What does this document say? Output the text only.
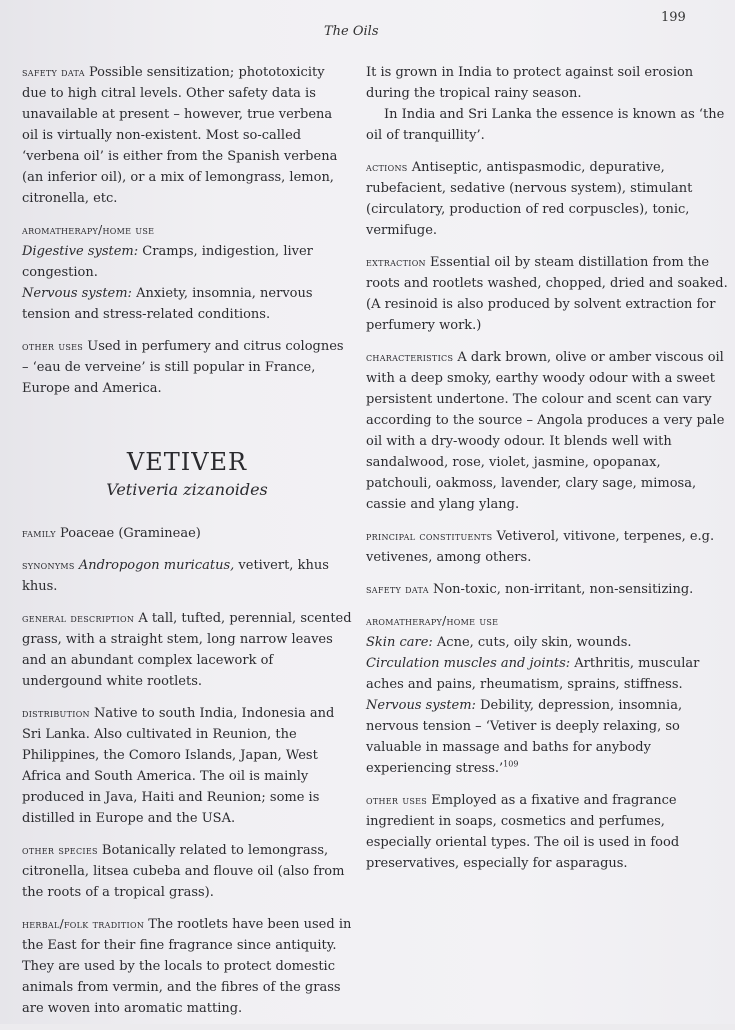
The Oils
199

safety data Possible sensitization; phototoxicity due to high citral levels. Other safety data is unavailable at present – however, true verbena oil is virtually non-existent. Most so-called ‘verbena oil’ is either from the Spanish verbena (an inferior oil), or a mix of lemongrass, lemon, citronella, etc.

aromatherapy/home use

Digestive system: Cramps, indigestion, liver congestion.

Nervous system: Anxiety, insomnia, nervous tension and stress-related conditions.

other uses Used in perfumery and citrus colognes – ‘eau de verveine’ is still popular in France, Europe and America.

VETIVER
Vetiveria zizanoides

family Poaceae (Gramineae)

synonyms Andropogon muricatus, vetivert, khus khus.

general description A tall, tufted, perennial, scented grass, with a straight stem, long narrow leaves and an abundant complex lacework of undergound white rootlets.

distribution Native to south India, Indonesia and Sri Lanka. Also cultivated in Reunion, the Philippines, the Comoro Islands, Japan, West Africa and South America. The oil is mainly produced in Java, Haiti and Reunion; some is distilled in Europe and the USA.

other species Botanically related to lemongrass, citronella, litsea cubeba and flouve oil (also from the roots of a tropical grass).

herbal/folk tradition The rootlets have been used in the East for their fine fragrance since antiquity. They are used by the locals to protect domestic animals from vermin, and the fibres of the grass are woven into aromatic matting.

It is grown in India to protect against soil erosion during the tropical rainy season.

In India and Sri Lanka the essence is known as ‘the oil of tranquillity’.

actions Antiseptic, antispasmodic, depurative, rubefacient, sedative (nervous system), stimulant (circulatory, production of red corpuscles), tonic, vermifuge.

extraction Essential oil by steam distillation from the roots and rootlets washed, chopped, dried and soaked. (A resinoid is also produced by solvent extraction for perfumery work.)

characteristics A dark brown, olive or amber viscous oil with a deep smoky, earthy woody odour with a sweet persistent undertone. The colour and scent can vary according to the source – Angola produces a very pale oil with a dry-woody odour. It blends well with sandalwood, rose, violet, jasmine, opopanax, patchouli, oakmoss, lavender, clary sage, mimosa, cassie and ylang ylang.

principal constituents Vetiverol, vitivone, terpenes, e.g. vetivenes, among others.

safety data Non-toxic, non-irritant, non-sensitizing.

aromatherapy/home use

Skin care: Acne, cuts, oily skin, wounds.

Circulation muscles and joints: Arthritis, muscular aches and pains, rheumatism, sprains, stiffness.

Nervous system: Debility, depression, insomnia, nervous tension – ‘Vetiver is deeply relaxing, so valuable in massage and baths for anybody experiencing stress.’$^{109}$

other uses Employed as a fixative and fragrance ingredient in soaps, cosmetics and perfumes, especially oriental types. The oil is used in food preservatives, especially for asparagus.
